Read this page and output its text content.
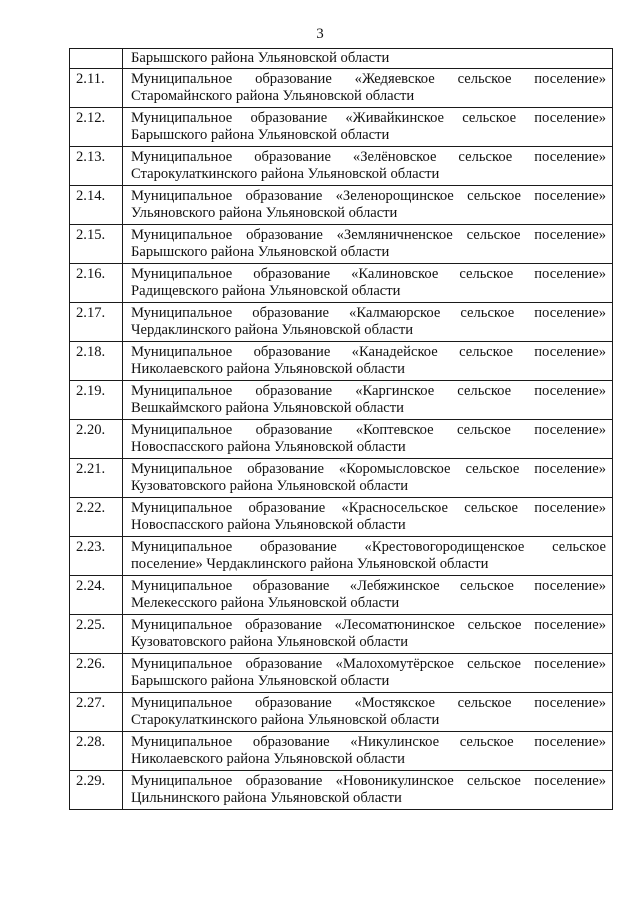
3
	Барышского района Ульяновской области
2.11.	Муниципальное образование «Жедяевское сельское поселение» Старомайнского района Ульяновской области
2.12.	Муниципальное образование «Живайкинское сельское поселение» Барышского района Ульяновской области
2.13.	Муниципальное образование «Зелёновское сельское поселение» Старокулаткинского района Ульяновской области
2.14.	Муниципальное образование «Зеленорощинское сельское поселение» Ульяновского района Ульяновской области
2.15.	Муниципальное образование «Земляничненское сельское поселение» Барышского района Ульяновской области
2.16.	Муниципальное образование «Калиновское сельское поселение» Радищевского района Ульяновской области
2.17.	Муниципальное образование «Калмаюрское сельское поселение» Чердаклинского района Ульяновской области
2.18.	Муниципальное образование «Канадейское сельское поселение» Николаевского района Ульяновской области
2.19.	Муниципальное образование «Каргинское сельское поселение» Вешкаймского района Ульяновской области
2.20.	Муниципальное образование «Коптевское сельское поселение» Новоспасского района Ульяновской области
2.21.	Муниципальное образование «Коромысловское сельское поселение» Кузоватовского района Ульяновской области
2.22.	Муниципальное образование «Красносельское сельское поселение» Новоспасского района Ульяновской области
2.23.	Муниципальное образование «Крестовогородищенское сельское поселение» Чердаклинского района Ульяновской области
2.24.	Муниципальное образование «Лебяжинское сельское поселение» Мелекесского района Ульяновской области
2.25.	Муниципальное образование «Лесоматюнинское сельское поселение» Кузоватовского района Ульяновской области
2.26.	Муниципальное образование «Малохомутёрское сельское поселение» Барышского района Ульяновской области
2.27.	Муниципальное образование «Мостякское сельское поселение» Старокулаткинского района Ульяновской области
2.28.	Муниципальное образование «Никулинское сельское поселение» Николаевского района Ульяновской области
2.29.	Муниципальное образование «Новоникулинское сельское поселение» Цильнинского района Ульяновской области
